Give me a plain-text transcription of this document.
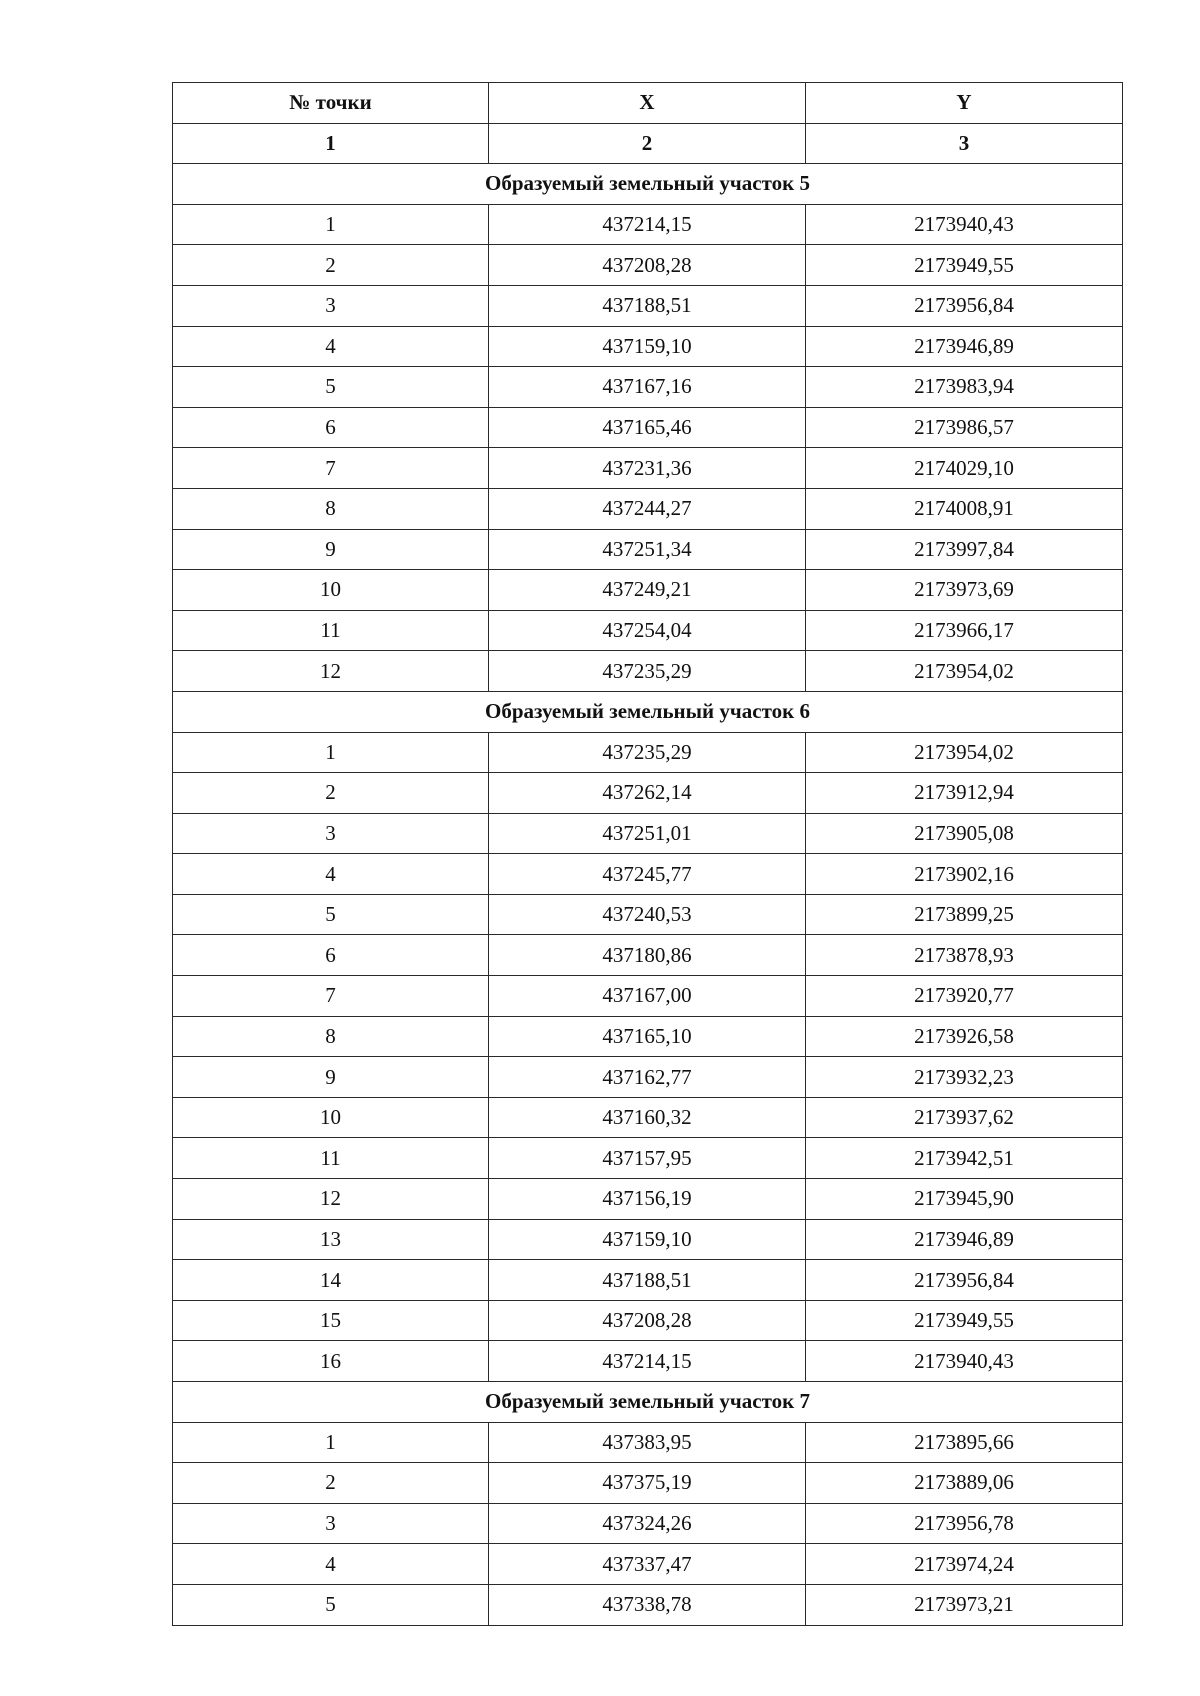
№ точки	X	Y
1	2	3
Образуемый земельный участок 5		
1	437214,15	2173940,43
2	437208,28	2173949,55
3	437188,51	2173956,84
4	437159,10	2173946,89
5	437167,16	2173983,94
6	437165,46	2173986,57
7	437231,36	2174029,10
8	437244,27	2174008,91
9	437251,34	2173997,84
10	437249,21	2173973,69
11	437254,04	2173966,17
12	437235,29	2173954,02
Образуемый земельный участок 6		
1	437235,29	2173954,02
2	437262,14	2173912,94
3	437251,01	2173905,08
4	437245,77	2173902,16
5	437240,53	2173899,25
6	437180,86	2173878,93
7	437167,00	2173920,77
8	437165,10	2173926,58
9	437162,77	2173932,23
10	437160,32	2173937,62
11	437157,95	2173942,51
12	437156,19	2173945,90
13	437159,10	2173946,89
14	437188,51	2173956,84
15	437208,28	2173949,55
16	437214,15	2173940,43
Образуемый земельный участок 7		
1	437383,95	2173895,66
2	437375,19	2173889,06
3	437324,26	2173956,78
4	437337,47	2173974,24
5	437338,78	2173973,21
